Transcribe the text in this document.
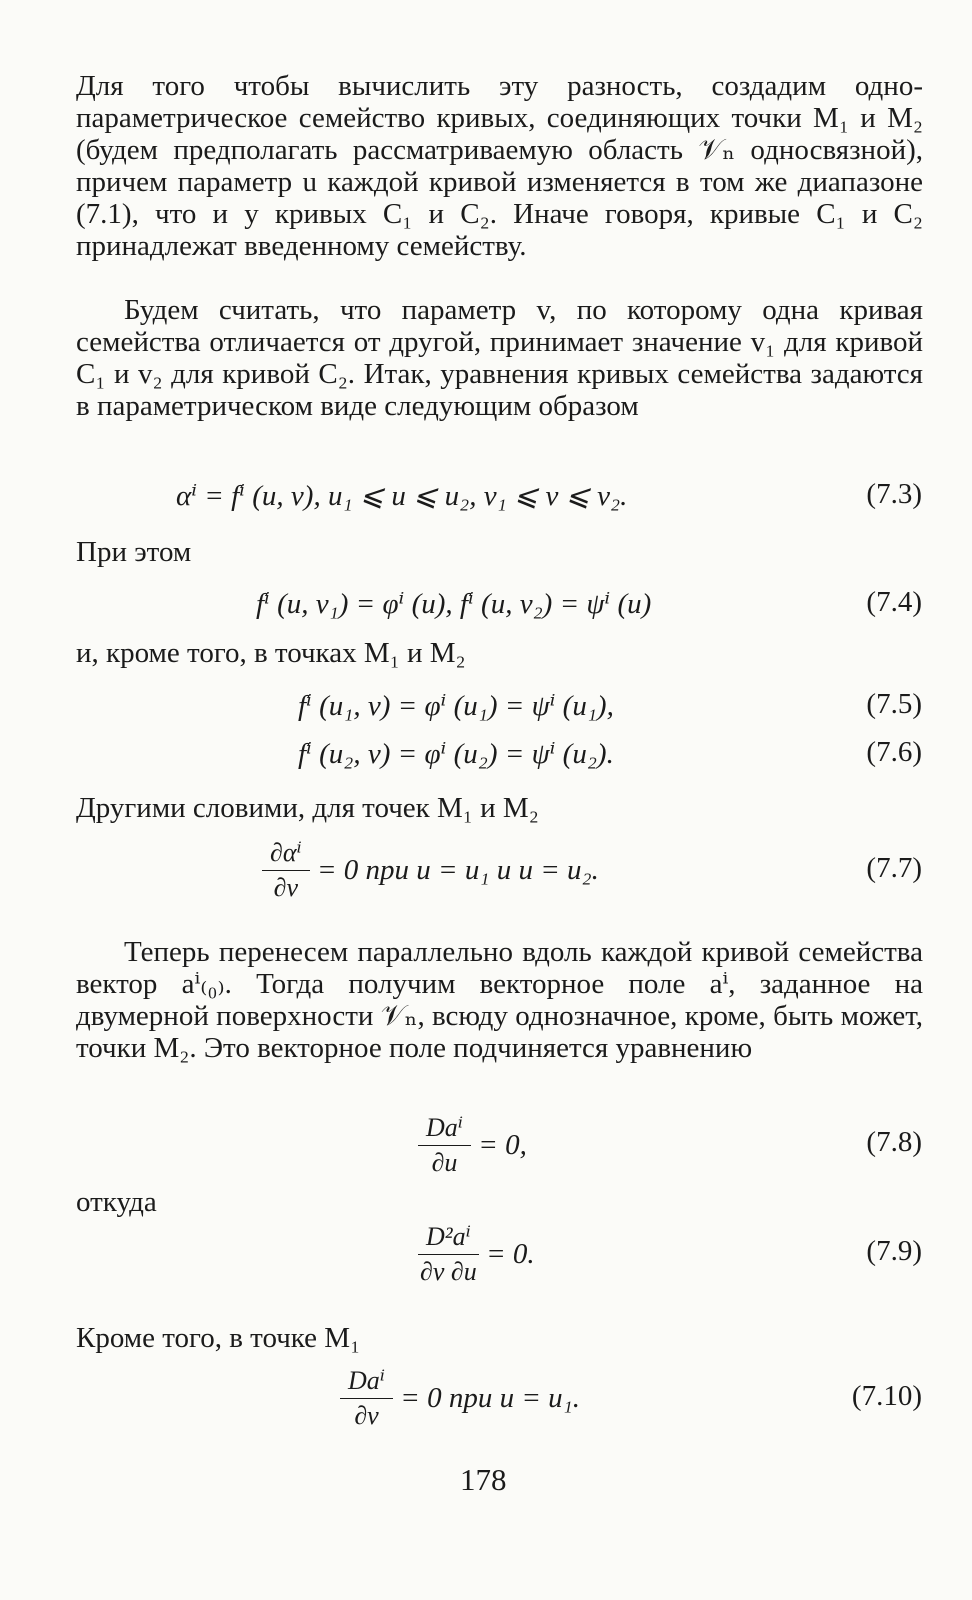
Для того чтобы вычислить эту разность, создадим однопараметрическое семейство кривых, соединяющих точки M₁ и M₂ (будем предполагать рассматриваемую область 𝒱ₙ односвязной), причем параметр u каждой кривой изменяется в том же диапазоне (7.1), что и у кривых C₁ и C₂. Иначе говоря, кривые C₁ и C₂ принадлежат введенному семейству.

Будем считать, что параметр v, по которому одна кривая семейства отличается от другой, принимает значение v₁ для кривой C₁ и v₂ для кривой C₂. Итак, уравнения кривых семейства задаются в параметрическом виде следующим образом

αⁱ = fⁱ (u, v), u₁ ⩽ u ⩽ u₂, v₁ ⩽ v ⩽ v₂.	(7.3)

При этом

fⁱ (u, v₁) = φⁱ (u), fⁱ (u, v₂) = ψⁱ (u)	(7.4)

и, кроме того, в точках M₁ и M₂

fⁱ (u₁, v) = φⁱ (u₁) = ψⁱ (u₁),	(7.5)
fⁱ (u₂, v) = φⁱ (u₂) = ψⁱ (u₂).	(7.6)

Другими словими, для точек M₁ и M₂

$\frac{\text{∂αⁱ}}{\partial v} = 0$ при u = u₁ и u = u₂.	(7.7)

Теперь перенесем параллельно вдоль каждой кривой семейства вектор aⁱ₍₀₎. Тогда получим векторное поле aⁱ, заданное на двумерной поверхности 𝒱ₙ, всюду однозначное, кроме, быть может, точки M₂. Это векторное поле подчиняется уравнению

$\frac{\text{Daⁱ}}{\partial u} = 0$,	(7.8)

откуда

$\frac{\text{D²aⁱ}}{\partial v \partial u} = 0$.	(7.9)

Кроме того, в точке M₁

$\frac{\text{Daⁱ}}{\partial v} = 0$ при u = u₁.	(7.10)
178
